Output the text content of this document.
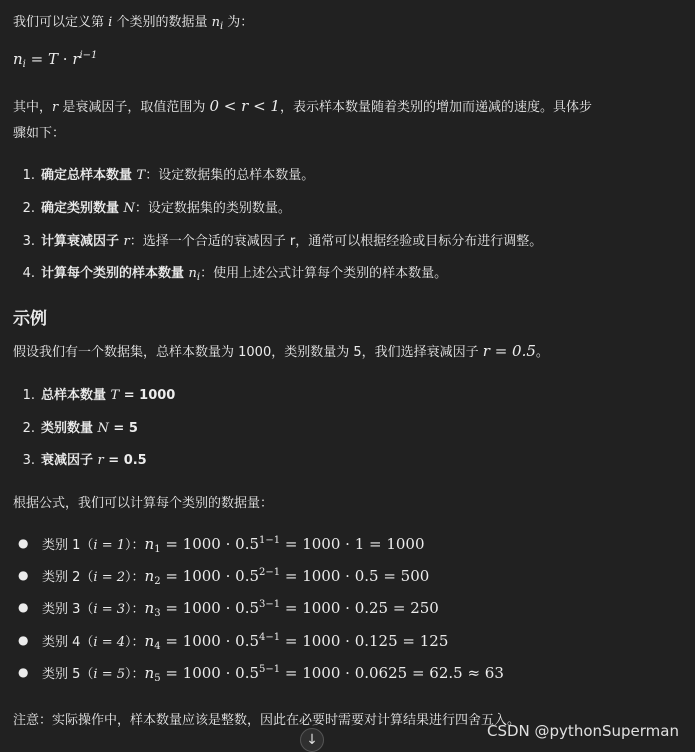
我们可以定义第 i 个类别的数据量 $n_i$ 为：
$n_i = T \cdot r^{i-1}$
其中，r 是衰减因子，取值范围为 0 < r < 1，表示样本数量随着类别的增加而递减的速度。具体步
骤如下：
1. 确定总样本数量 T：设定数据集的总样本数量。
2. 确定类别数量 N：设定数据集的类别数量。
3. 计算衰减因子 r：选择一个合适的衰减因子 r，通常可以根据经验或目标分布进行调整。
4. 计算每个类别的样本数量 $n_i$：使用上述公式计算每个类别的样本数量。
示例
假设我们有一个数据集，总样本数量为 1000，类别数量为 5，我们选择衰减因子 r = 0.5。
1. 总样本数量 T = 1000
2. 类别数量 N = 5
3. 衰减因子 r = 0.5
根据公式，我们可以计算每个类别的数据量：
● 类别 1（i = 1）：$n_1 = 1000 \cdot 0.5^{1-1} = 1000 \cdot 1 = 1000$
● 类别 2（i = 2）：$n_2 = 1000 \cdot 0.5^{2-1} = 1000 \cdot 0.5 = 500$
● 类别 3（i = 3）：$n_3 = 1000 \cdot 0.5^{3-1} = 1000 \cdot 0.25 = 250$
● 类别 4（i = 4）：$n_4 = 1000 \cdot 0.5^{4-1} = 1000 \cdot 0.125 = 125$
● 类别 5（i = 5）：$n_5 = 1000 \cdot 0.5^{5-1} = 1000 \cdot 0.0625 = 62.5 \approx 63$
注意：实际操作中，样本数量应该是整数，因此在必要时需要对计算结果进行四舍五入。
↓	CSDN @pythonSuperman
